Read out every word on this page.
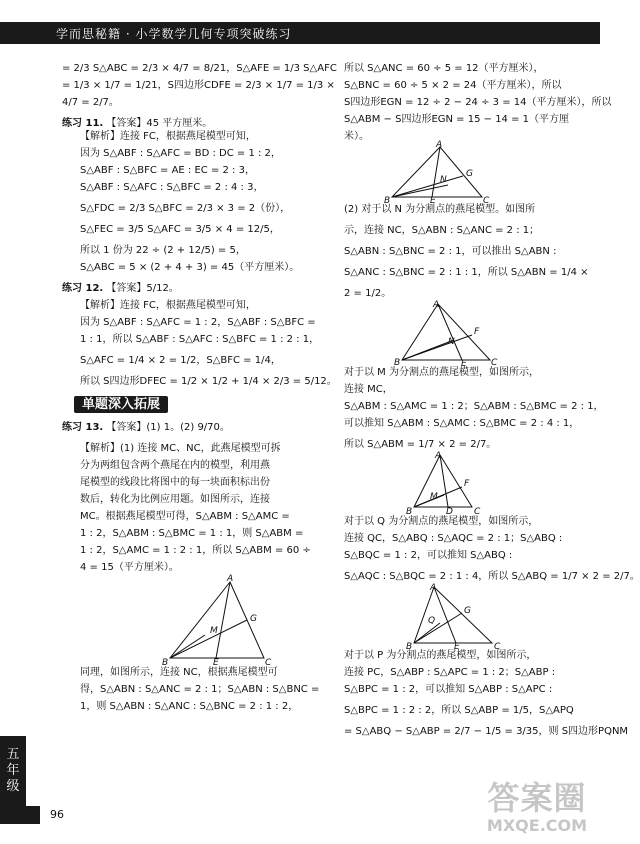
学而思秘籍 · 小学数学几何专项突破练习

= 2/3 S△ABC = 2/3 × 4/7 = 8/21，S△AFE = 1/3 S△AFC

= 1/3 × 1/7 = 1/21，S四边形CDFE = 2/3 × 1/7 = 1/3 ×

4/7 = 2/7。

练习 11. 【答案】45 平方厘米。

【解析】连接 FC，根据燕尾模型可知，

因为 S△ABF : S△AFC = BD : DC = 1 : 2，

S△ABF : S△BFC = AE : EC = 2 : 3，

S△ABF : S△AFC : S△BFC = 2 : 4 : 3，

S△FDC = 2/3 S△BFC = 2/3 × 3 = 2（份），

S△FEC = 3/5 S△AFC = 3/5 × 4 = 12/5，

所以 1 份为 22 ÷ (2 + 12/5) = 5，

S△ABC = 5 × (2 + 4 + 3) = 45（平方厘米）。

练习 12. 【答案】5/12。

【解析】连接 FC，根据燕尾模型可知，

因为 S△ABF : S△AFC = 1 : 2，S△ABF : S△BFC =

1 : 1，所以 S△ABF : S△AFC : S△BFC = 1 : 2 : 1，

S△AFC = 1/4 × 2 = 1/2，S△BFC = 1/4，

所以 S四边形DFEC = 1/2 × 1/2 + 1/4 × 2/3 = 5/12。

单题深入拓展

练习 13. 【答案】(1) 1。(2) 9/70。

【解析】(1) 连接 MC、NC，此燕尾模型可拆

分为两组包含两个燕尾在内的模型，利用燕

尾模型的线段比将图中的每一块面积标出份

数后，转化为比例应用题。如图所示，连接

MC。根据燕尾模型可得，S△ABM : S△AMC =

1 : 2，S△ABM : S△BMC = 1 : 1，则 S△ABM =

1 : 2，S△AMC = 1 : 2 : 1，所以 S△ABM = 60 ÷

4 = 15（平方厘米）。

A
B	C
G
M
E

同理，如图所示，连接 NC，根据燕尾模型可

得，S△ABN : S△ANC = 2 : 1；S△ABN : S△BNC =

1，则 S△ABN : S△ANC : S△BNC = 2 : 1 : 2，

所以 S△ANC = 60 ÷ 5 = 12（平方厘米），

S△BNC = 60 ÷ 5 × 2 = 24（平方厘米），所以

S四边形EGN = 12 ÷ 2 − 24 ÷ 3 = 14（平方厘米），所以

S△ABM − S四边形EGN = 15 − 14 = 1（平方厘

米）。

A
B	C
G
N
E

(2) 对于以 N 为分割点的燕尾模型。如图所

示，连接 NC，S△ABN : S△ANC = 2 : 1；

S△ABN : S△BNC = 2 : 1，可以推出 S△ABN :

S△ANC : S△BNC = 2 : 1 : 1，所以 S△ABN = 1/4 ×

2 = 1/2。

A
B	C
F
N
E

对于以 M 为分割点的燕尾模型，如图所示，

连接 MC，

S△ABM : S△AMC = 1 : 2；S△ABM : S△BMC = 2 : 1，

可以推知 S△ABM : S△AMC : S△BMC = 2 : 4 : 1，

所以 S△ABM = 1/7 × 2 = 2/7。

A
B	C
F
M
D

对于以 Q 为分割点的燕尾模型，如图所示，

连接 QC，S△ABQ : S△AQC = 2 : 1；S△ABQ :

S△BQC = 1 : 2，可以推知 S△ABQ :

S△AQC : S△BQC = 2 : 1 : 4，所以 S△ABQ = 1/7 × 2 = 2/7。

A
B	C
G
Q
E

对于以 P 为分割点的燕尾模型，如图所示，

连接 PC，S△ABP : S△APC = 1 : 2；S△ABP :

S△BPC = 1 : 2，可以推知 S△ABP : S△APC :

S△BPC = 1 : 2 : 2，所以 S△ABP = 1/5，S△APQ

= S△ABQ − S△ABP = 2/7 − 1/5 = 3/35，则 S四边形PQNM

五
年
级
96	答案圈
MXQE.COM
